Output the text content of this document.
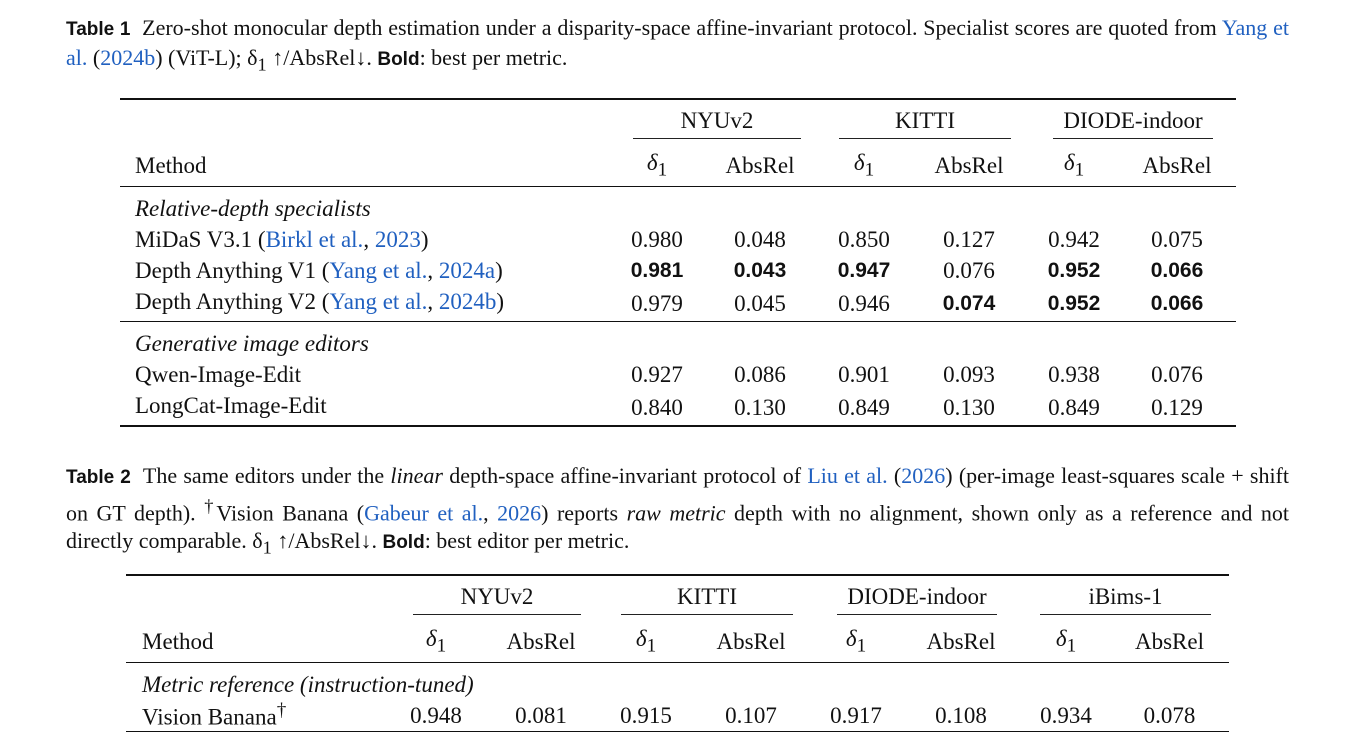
Table 1 Zero-shot monocular depth estimation under a disparity-space affine-invariant protocol. Specialist scores are quoted from Yang et al. (2024b) (ViT-L); $\delta_1$ ↑/AbsRel↓. Bold: best per metric.
	NYUv2		KITTI		DIODE-indoor	
Method	$\delta_1$	AbsRel	$\delta_1$	AbsRel	$\delta_1$	AbsRel
Relative-depth specialists						
MiDaS V3.1 (Birkl et al., 2023)	0.980	0.048	0.850	0.127	0.942	0.075
Depth Anything V1 (Yang et al., 2024a)	0.981	0.043	0.947	0.076	0.952	0.066
Depth Anything V2 (Yang et al., 2024b)	0.979	0.045	0.946	0.074	0.952	0.066
Generative image editors						
Qwen-Image-Edit	0.927	0.086	0.901	0.093	0.938	0.076
LongCat-Image-Edit	0.840	0.130	0.849	0.130	0.849	0.129
Table 2 The same editors under the linear depth-space affine-invariant protocol of Liu et al. (2026) (per-image least-squares scale + shift on GT depth). †Vision Banana (Gabeur et al., 2026) reports raw metric depth with no alignment, shown only as a reference and not directly comparable. $\delta_1$ ↑/AbsRel↓. Bold: best editor per metric.
	NYUv2		KITTI		DIODE-indoor		iBims-1	
Method	$\delta_1$	AbsRel	$\delta_1$	AbsRel	$\delta_1$	AbsRel	$\delta_1$	AbsRel
Metric reference (instruction-tuned)								
Vision Banana†	0.948	0.081	0.915	0.107	0.917	0.108	0.934	0.078
